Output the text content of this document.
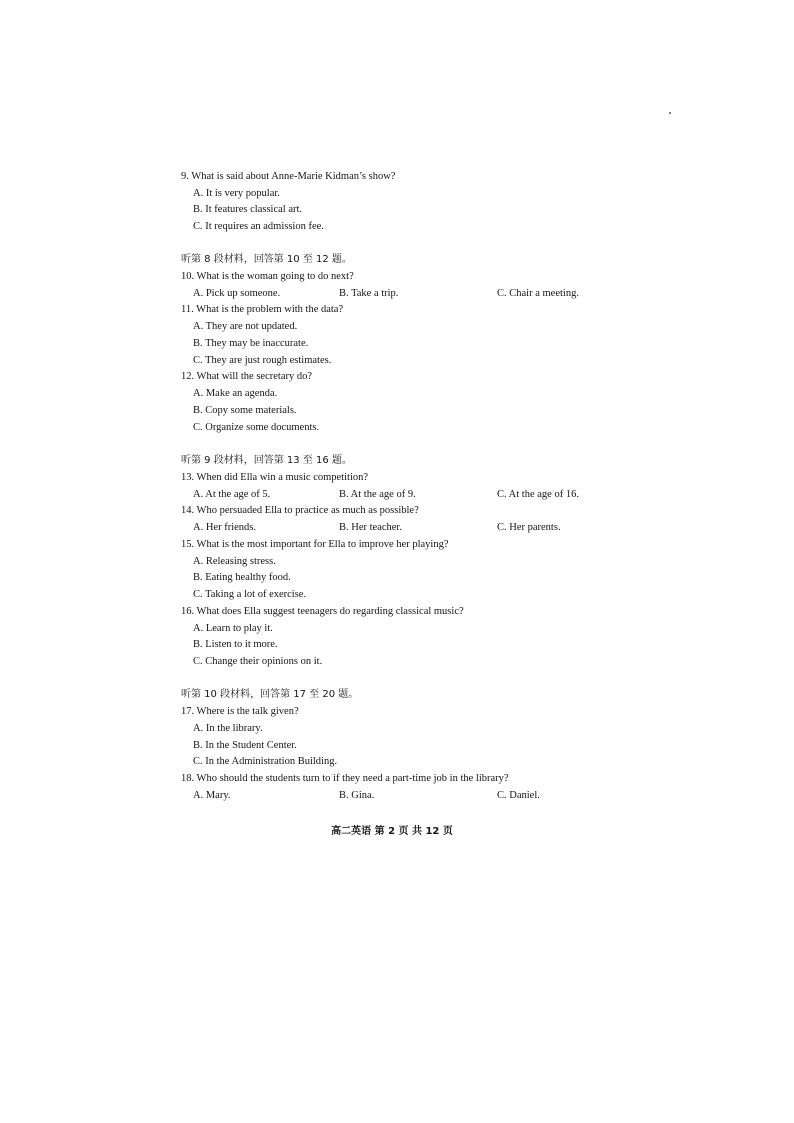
9. What is said about Anne-Marie Kidman’s show?
A. It is very popular.
B. It features classical art.
C. It requires an admission fee.
听第 8 段材料，回答第 10 至 12 题。
10. What is the woman going to do next?
A. Pick up someone.	B. Take a trip.	C. Chair a meeting.
11. What is the problem with the data?
A. They are not updated.
B. They may be inaccurate.
C. They are just rough estimates.
12. What will the secretary do?
A. Make an agenda.
B. Copy some materials.
C. Organize some documents.
听第 9 段材料，回答第 13 至 16 题。
13. When did Ella win a music competition?
A. At the age of 5.	B. At the age of 9.	C. At the age of 16.
14. Who persuaded Ella to practice as much as possible?
A. Her friends.	B. Her teacher.	C. Her parents.
15. What is the most important for Ella to improve her playing?
A. Releasing stress.
B. Eating healthy food.
C. Taking a lot of exercise.
16. What does Ella suggest teenagers do regarding classical music?
A. Learn to play it.
B. Listen to it more.
C. Change their opinions on it.
听第 10 段材料，回答第 17 至 20 题。
17. Where is the talk given?
A. In the library.
B. In the Student Center.
C. In the Administration Building.
18. Who should the students turn to if they need a part-time job in the library?
A. Mary.	B. Gina.	C. Daniel.
高二英语 第 2 页 共 12 页
